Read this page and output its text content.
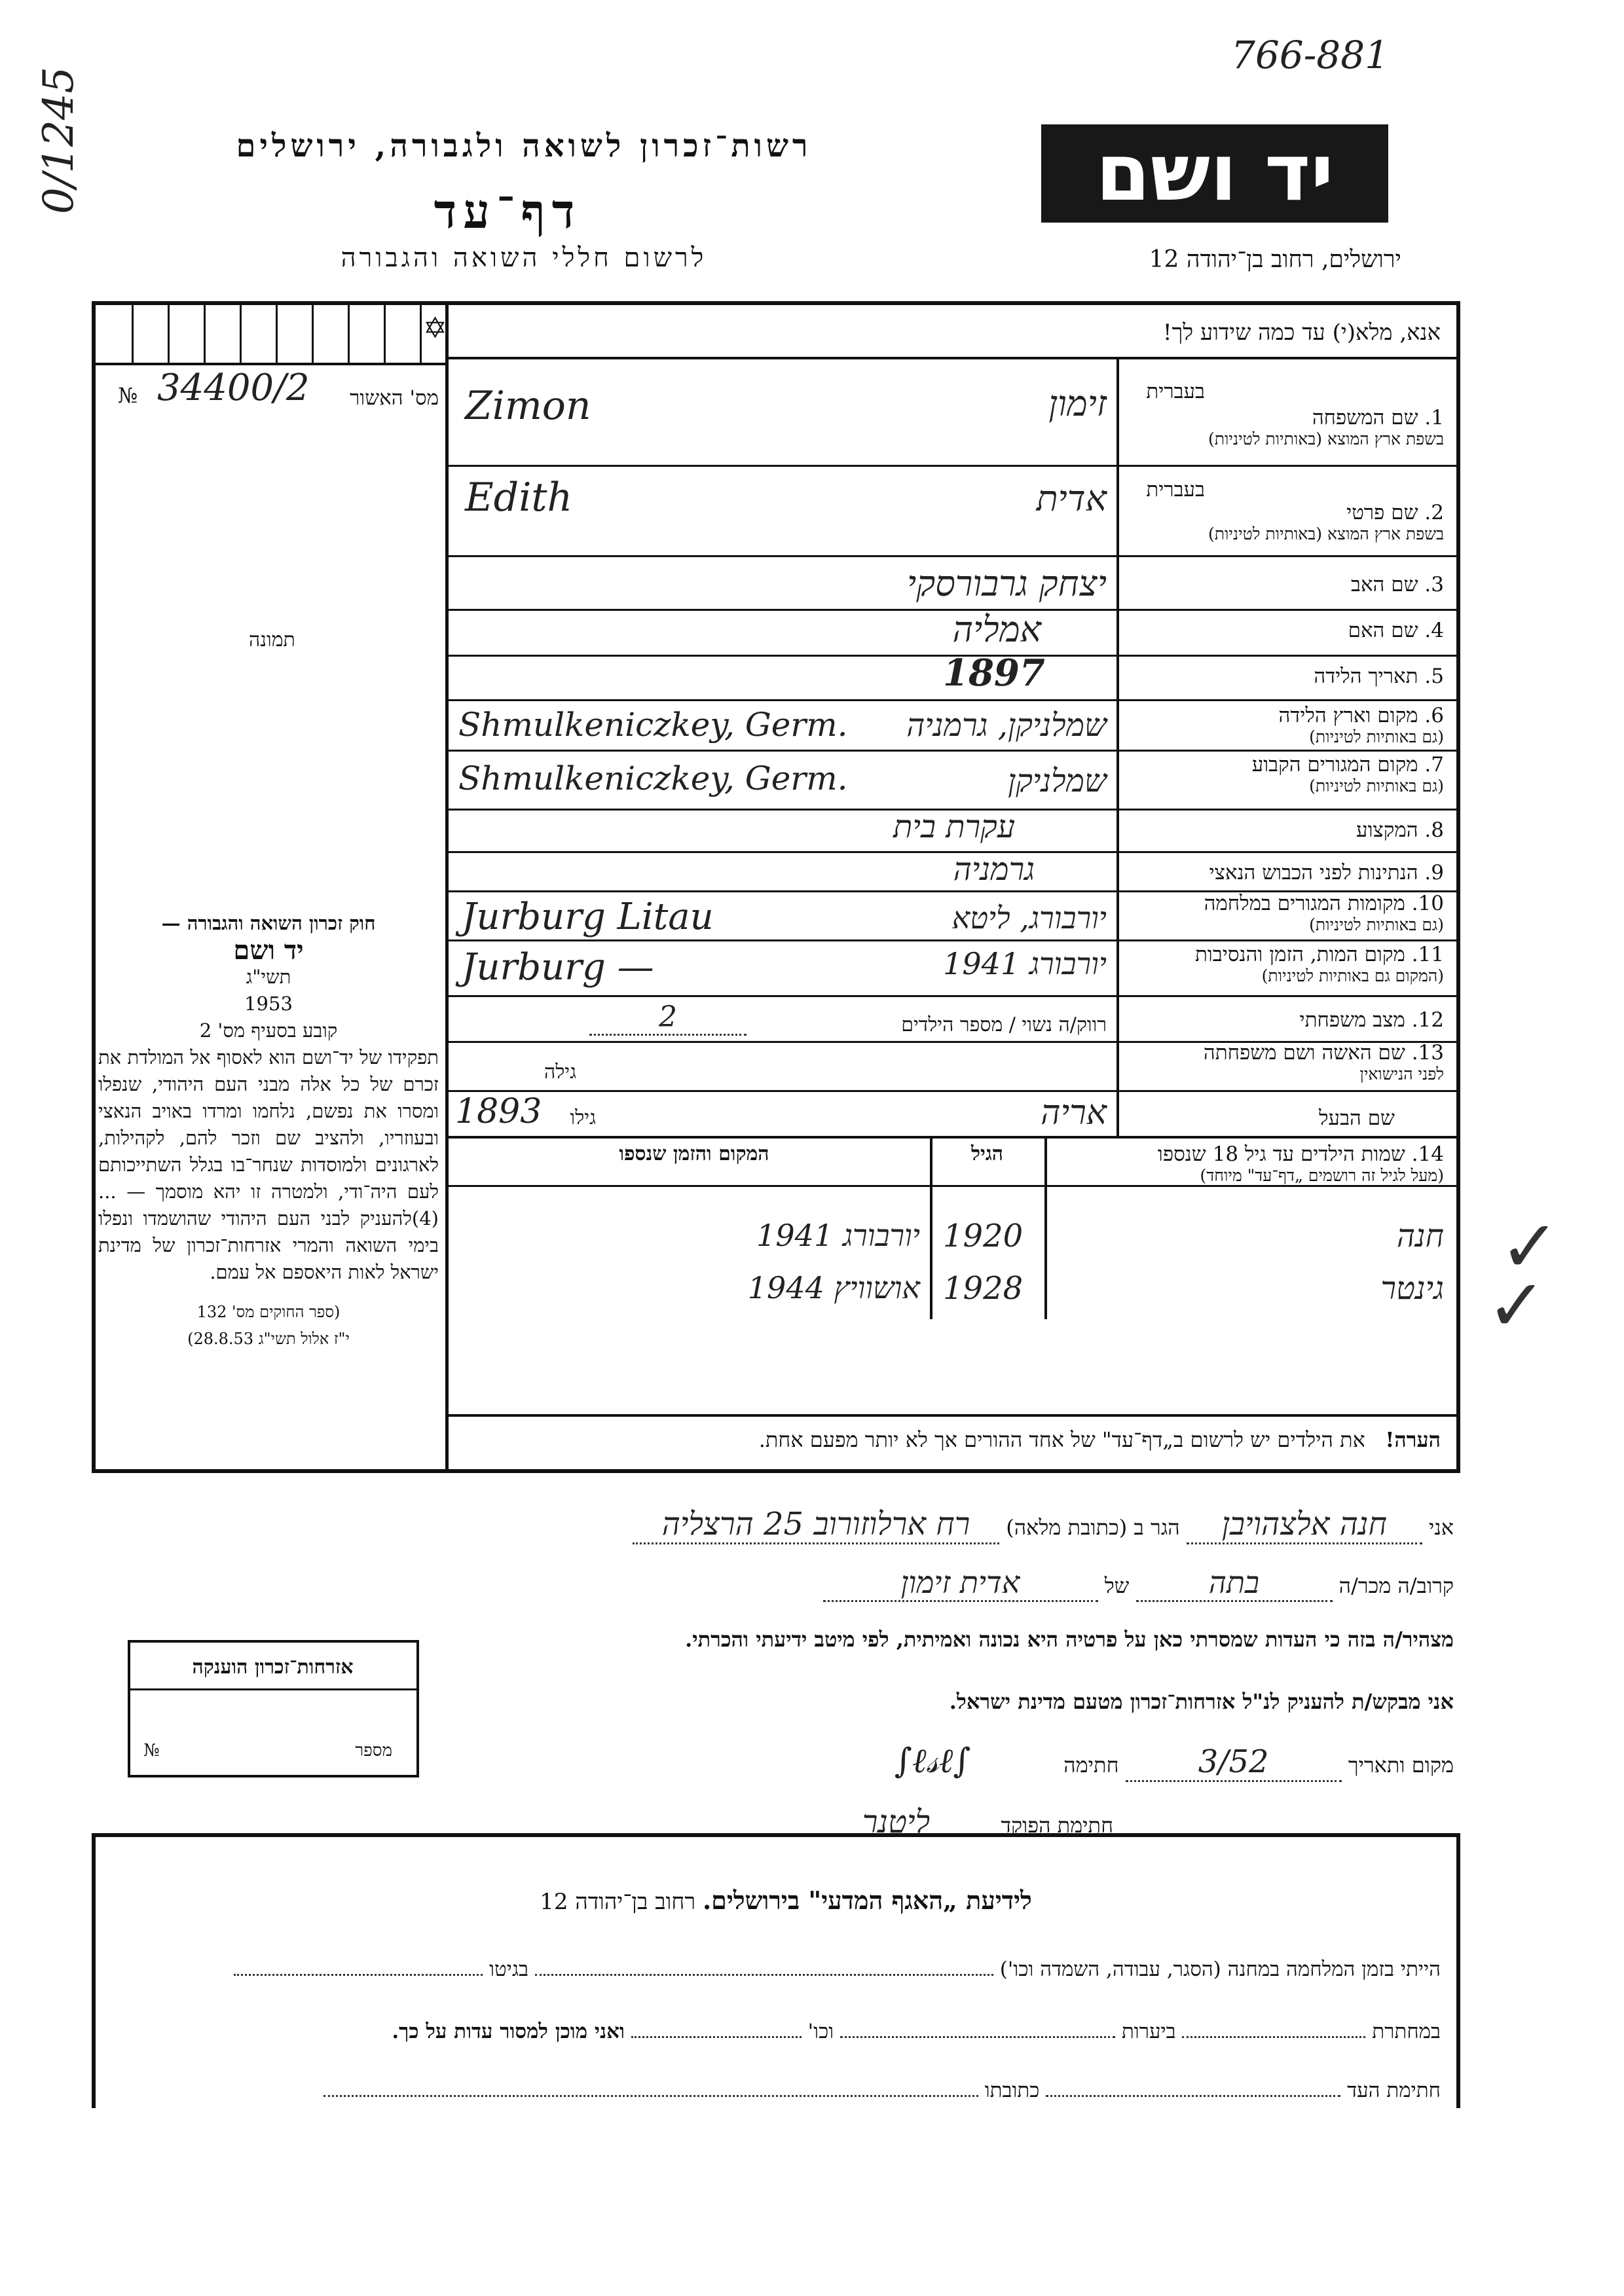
766-881
0/1245	רשות־זכרון לשואה ולגבורה, ירושלים
דף־עד
לרשום חללי השואה והגבורה
יד ושם
ירושלים, רחוב בן־יהודה 12
✡
מס' האשור
34400/2
№
תמונה
אנא, מלא(י) עד כמה שידוע לך!
בעברית
1. שם המשפחה
בשפת ארץ המוצא (באותיות לטיניות)
זימון
Zimon
בעברית
2. שם פרטי
בשפת ארץ המוצא (באותיות לטיניות)
אדית
Edith
3. שם האב
יצחק גרבורסקי
4. שם האם
אמליה
5. תאריך הלידה
1897
6. מקום וארץ הלידה
(גם באותיות לטיניות)
שמלניקן, גרמניה
Shmulkeniczkey, Germ.
7. מקום המגורים הקבוע
(גם באותיות לטיניות)
שמלניקן
Shmulkeniczkey, Germ.
8. המקצוע
עקרת בית
9. הנתינות לפני הכבוש הנאצי
גרמניה
10. מקומות המגורים במלחמה
(גם באותיות לטיניות)
יורבורג, ליטא
Jurburg Litau
11. מקום המות, הזמן והנסיבות
(המקום גם באותיות לטיניות)
יורבורג 1941
Jurburg —
12. מצב משפחתי
רווק/ה נשוי / מספר הילדים
2
13. שם האשה ושם משפחתה
לפני הנישואין
גילה
שם הבעל
אריה
גילו
1893
14. שמות הילדים עד גיל 18 שנספו
(מעל לגיל זה רושמים „דף־עד" מיוחד)
הגיל
המקום והזמן שנספו
חנה
1920
יורבורג 1941
גינטר
1928
אושוויץ 1944	✓
✓
הערה!   את הילדים יש לרשום ב„דף־עד" של אחד ההורים אך לא יותר מפעם אחת.
חוק זכרון השואה והגבורה —
יד ושם
תשי"ג
1953
קובע בסעיף מס' 2
תפקידו של יד־ושם הוא לאסוף אל המולדת את זכרם של כל אלה מבני העם היהודי, שנפלו ומסרו את נפשם, נלחמו ומרדו באויב הנאצי ובעוזריו, ולהציב שם וזכר להם, לקהילות, לארגונים ולמוסדות שנחר־בו בגלל השתייכותם לעם היה־ודי, ולמטרה זו יהא מוסמך — ...(4)להעניק לבני העם היהודי שהושמדו ונפלו בימי השואה והמרי אזרחות־זכרון של מדינת ישראל לאות היאספם אל עמם.
(ספר החוקים מס' 132
י"ז אלול תשי"ג 28.8.53)
אני חנה אלצהויבן הגר ב (כתובת מלאה) רח ארלוזורוב 25 הרצליה
קרוב/ה מכר/ה בתה של אדית זימון
מצהיר/ה בזה כי העדות שמסרתי כאן על פרטיה היא נכונה ואמיתית, לפי מיטב ידיעתי והכרתי.
אני מבקש/ת להעניק לנ"ל אזרחות־זכרון מטעם מדינת ישראל.
מקום ותאריך 3/52 חתימה ∫ℓ𝓈ℓ∫
חתימת הפוקד ליטנר
אזרחות־זכרון הוענקה
מספר
№
לידיעת „האגף המדעי" בירושלים. רחוב בן־יהודה 12
הייתי בזמן המלחמה במחנה (הסגר, עבודה, השמדה וכו')  בגיטו
במחתרת  ביערות  וכו'  ואני מוכן למסור עדות על כך.
חתימת העד  כתובתו
